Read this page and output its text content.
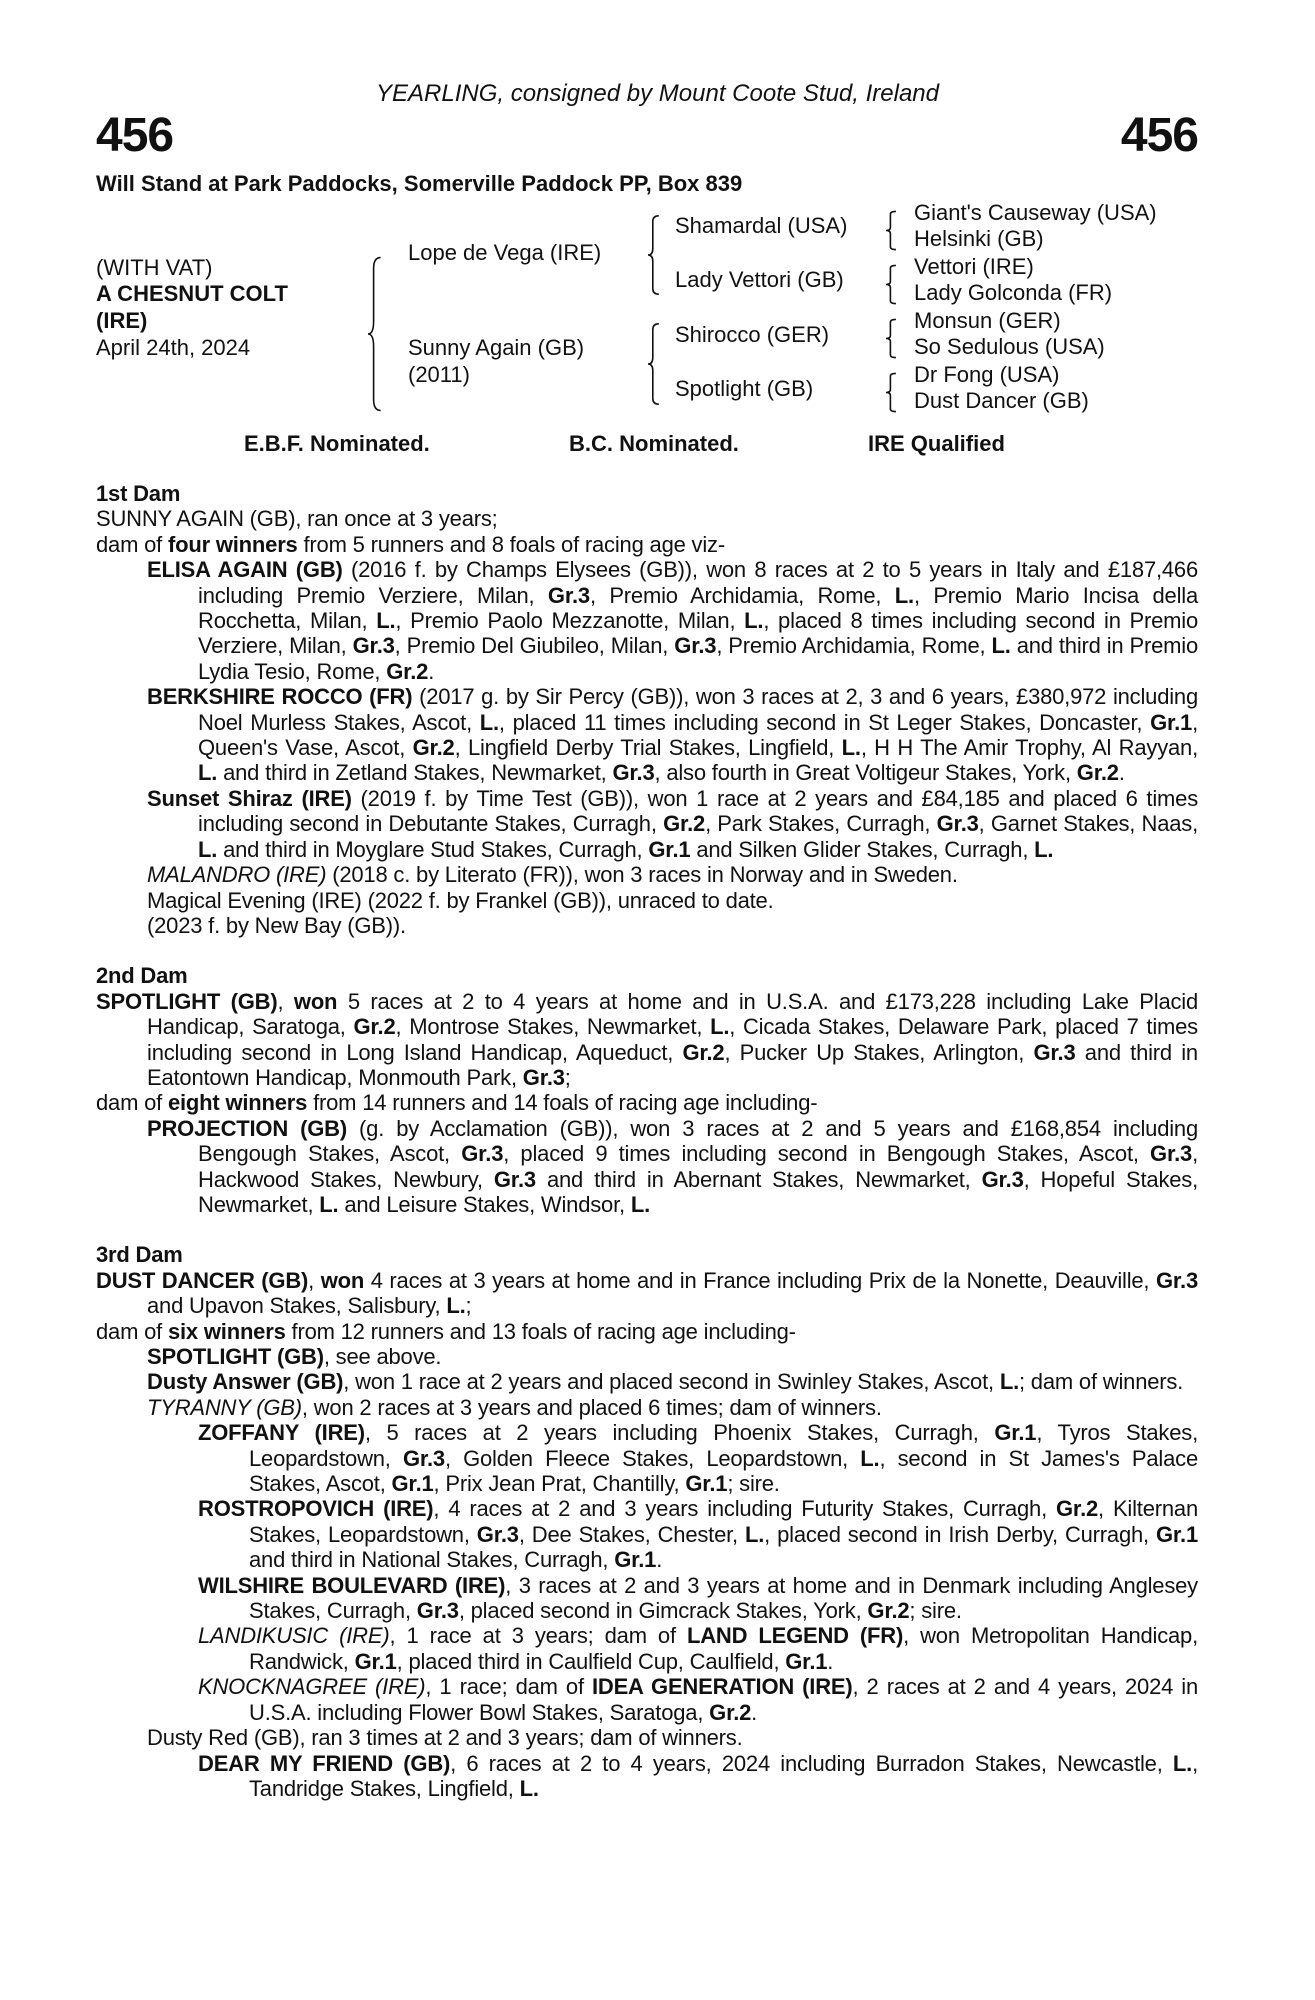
YEARLING, consigned by Mount Coote Stud, Ireland
456	456
Will Stand at Park Paddocks, Somerville Paddock PP, Box 839
(WITH VAT)
A CHESNUT COLT
(IRE)
April 24th, 2024
Lope de Vega (IRE)
Sunny Again (GB)
(2011)
Shamardal (USA)
Lady Vettori (GB)
Shirocco (GER)
Spotlight (GB)
Giant's Causeway (USA)
Helsinki (GB)
Vettori (IRE)
Lady Golconda (FR)
Monsun (GER)
So Sedulous (USA)
Dr Fong (USA)
Dust Dancer (GB)
E.B.F. Nominated.	B.C. Nominated.	IRE Qualified
1st Dam
SUNNY AGAIN (GB), ran once at 3 years;
dam of four winners from 5 runners and 8 foals of racing age viz-
ELISA AGAIN (GB) (2016 f. by Champs Elysees (GB)), won 8 races at 2 to 5 years in Italy and £187,466 including Premio Verziere, Milan, Gr.3, Premio Archidamia, Rome, L., Premio Mario Incisa della Rocchetta, Milan, L., Premio Paolo Mezzanotte, Milan, L., placed 8 times including second in Premio Verziere, Milan, Gr.3, Premio Del Giubileo, Milan, Gr.3, Premio Archidamia, Rome, L. and third in Premio Lydia Tesio, Rome, Gr.2.
BERKSHIRE ROCCO (FR) (2017 g. by Sir Percy (GB)), won 3 races at 2, 3 and 6 years, £380,972 including Noel Murless Stakes, Ascot, L., placed 11 times including second in St Leger Stakes, Doncaster, Gr.1, Queen's Vase, Ascot, Gr.2, Lingfield Derby Trial Stakes, Lingfield, L., H H The Amir Trophy, Al Rayyan, L. and third in Zetland Stakes, Newmarket, Gr.3, also fourth in Great Voltigeur Stakes, York, Gr.2.
Sunset Shiraz (IRE) (2019 f. by Time Test (GB)), won 1 race at 2 years and £84,185 and placed 6 times including second in Debutante Stakes, Curragh, Gr.2, Park Stakes, Curragh, Gr.3, Garnet Stakes, Naas, L. and third in Moyglare Stud Stakes, Curragh, Gr.1 and Silken Glider Stakes, Curragh, L.
MALANDRO (IRE) (2018 c. by Literato (FR)), won 3 races in Norway and in Sweden.
Magical Evening (IRE) (2022 f. by Frankel (GB)), unraced to date.
(2023 f. by New Bay (GB)).
2nd Dam
SPOTLIGHT (GB), won 5 races at 2 to 4 years at home and in U.S.A. and £173,228 including Lake Placid Handicap, Saratoga, Gr.2, Montrose Stakes, Newmarket, L., Cicada Stakes, Delaware Park, placed 7 times including second in Long Island Handicap, Aqueduct, Gr.2, Pucker Up Stakes, Arlington, Gr.3 and third in Eatontown Handicap, Monmouth Park, Gr.3;
dam of eight winners from 14 runners and 14 foals of racing age including-
PROJECTION (GB) (g. by Acclamation (GB)), won 3 races at 2 and 5 years and £168,854 including Bengough Stakes, Ascot, Gr.3, placed 9 times including second in Bengough Stakes, Ascot, Gr.3, Hackwood Stakes, Newbury, Gr.3 and third in Abernant Stakes, Newmarket, Gr.3, Hopeful Stakes, Newmarket, L. and Leisure Stakes, Windsor, L.
3rd Dam
DUST DANCER (GB), won 4 races at 3 years at home and in France including Prix de la Nonette, Deauville, Gr.3 and Upavon Stakes, Salisbury, L.;
dam of six winners from 12 runners and 13 foals of racing age including-
SPOTLIGHT (GB), see above.
Dusty Answer (GB), won 1 race at 2 years and placed second in Swinley Stakes, Ascot, L.; dam of winners.
TYRANNY (GB), won 2 races at 3 years and placed 6 times; dam of winners.
ZOFFANY (IRE), 5 races at 2 years including Phoenix Stakes, Curragh, Gr.1, Tyros Stakes, Leopardstown, Gr.3, Golden Fleece Stakes, Leopardstown, L., second in St James's Palace Stakes, Ascot, Gr.1, Prix Jean Prat, Chantilly, Gr.1; sire.
ROSTROPOVICH (IRE), 4 races at 2 and 3 years including Futurity Stakes, Curragh, Gr.2, Kilternan Stakes, Leopardstown, Gr.3, Dee Stakes, Chester, L., placed second in Irish Derby, Curragh, Gr.1 and third in National Stakes, Curragh, Gr.1.
WILSHIRE BOULEVARD (IRE), 3 races at 2 and 3 years at home and in Denmark including Anglesey Stakes, Curragh, Gr.3, placed second in Gimcrack Stakes, York, Gr.2; sire.
LANDIKUSIC (IRE), 1 race at 3 years; dam of LAND LEGEND (FR), won Metropolitan Handicap, Randwick, Gr.1, placed third in Caulfield Cup, Caulfield, Gr.1.
KNOCKNAGREE (IRE), 1 race; dam of IDEA GENERATION (IRE), 2 races at 2 and 4 years, 2024 in U.S.A. including Flower Bowl Stakes, Saratoga, Gr.2.
Dusty Red (GB), ran 3 times at 2 and 3 years; dam of winners.
DEAR MY FRIEND (GB), 6 races at 2 to 4 years, 2024 including Burradon Stakes, Newcastle, L., Tandridge Stakes, Lingfield, L.
